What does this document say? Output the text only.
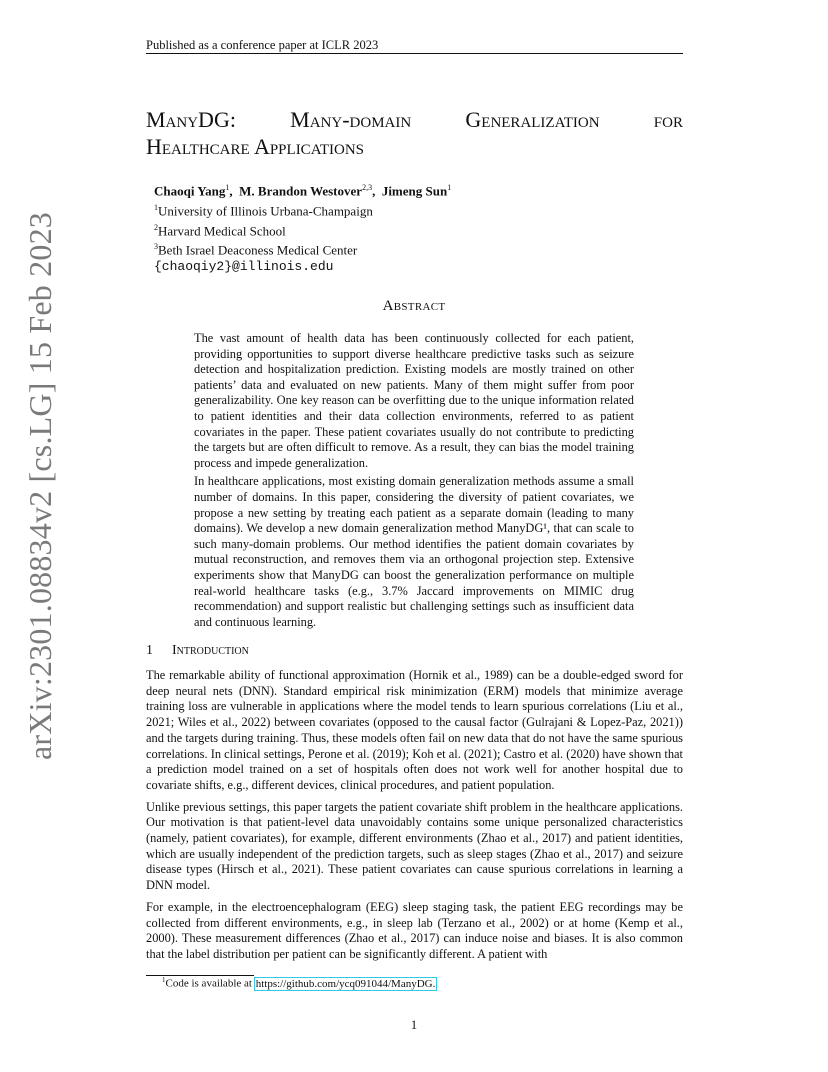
Published as a conference paper at ICLR 2023
arXiv:2301.08834v2 [cs.LG] 15 Feb 2023
ManyDG: Many-domain Generalization for
Healthcare Applications
Chaoqi Yang$^1$,  M. Brandon Westover$^{2,3}$,  Jimeng Sun$^1$
$^1$University of Illinois Urbana-Champaign
$^2$Harvard Medical School
$^3$Beth Israel Deaconess Medical Center
{chaoqiy2}@illinois.edu
Abstract

The vast amount of health data has been continuously collected for each patient, providing opportunities to support diverse healthcare predictive tasks such as seizure detection and hospitalization prediction. Existing models are mostly trained on other patients’ data and evaluated on new patients. Many of them might suffer from poor generalizability. One key reason can be overfitting due to the unique information related to patient identities and their data collection environments, referred to as patient covariates in the paper. These patient covariates usually do not contribute to predicting the targets but are often difficult to remove. As a result, they can bias the model training process and impede generalization.

In healthcare applications, most existing domain generalization methods assume a small number of domains. In this paper, considering the diversity of patient covariates, we propose a new setting by treating each patient as a separate domain (leading to many domains). We develop a new domain generalization method ManyDG¹, that can scale to such many-domain problems. Our method identifies the patient domain covariates by mutual reconstruction, and removes them via an orthogonal projection step. Extensive experiments show that ManyDG can boost the generalization performance on multiple real-world healthcare tasks (e.g., 3.7% Jaccard improvements on MIMIC drug recommendation) and support realistic but challenging settings such as insufficient data and continuous learning.

1 Introduction

The remarkable ability of functional approximation (Hornik et al., 1989) can be a double-edged sword for deep neural nets (DNN). Standard empirical risk minimization (ERM) models that minimize average training loss are vulnerable in applications where the model tends to learn spurious correlations (Liu et al., 2021; Wiles et al., 2022) between covariates (opposed to the causal factor (Gulrajani & Lopez-Paz, 2021)) and the targets during training. Thus, these models often fail on new data that do not have the same spurious correlations. In clinical settings, Perone et al. (2019); Koh et al. (2021); Castro et al. (2020) have shown that a prediction model trained on a set of hospitals often does not work well for another hospital due to covariate shifts, e.g., different devices, clinical procedures, and patient population.

Unlike previous settings, this paper targets the patient covariate shift problem in the healthcare applications. Our motivation is that patient-level data unavoidably contains some unique personalized characteristics (namely, patient covariates), for example, different environments (Zhao et al., 2017) and patient identities, which are usually independent of the prediction targets, such as sleep stages (Zhao et al., 2017) and seizure disease types (Hirsch et al., 2021). These patient covariates can cause spurious correlations in learning a DNN model.

For example, in the electroencephalogram (EEG) sleep staging task, the patient EEG recordings may be collected from different environments, e.g., in sleep lab (Terzano et al., 2002) or at home (Kemp et al., 2000). These measurement differences (Zhao et al., 2017) can induce noise and biases. It is also common that the label distribution per patient can be significantly different. A patient with

$^1$Code is available at https://github.com/ycq091044/ManyDG.
1
